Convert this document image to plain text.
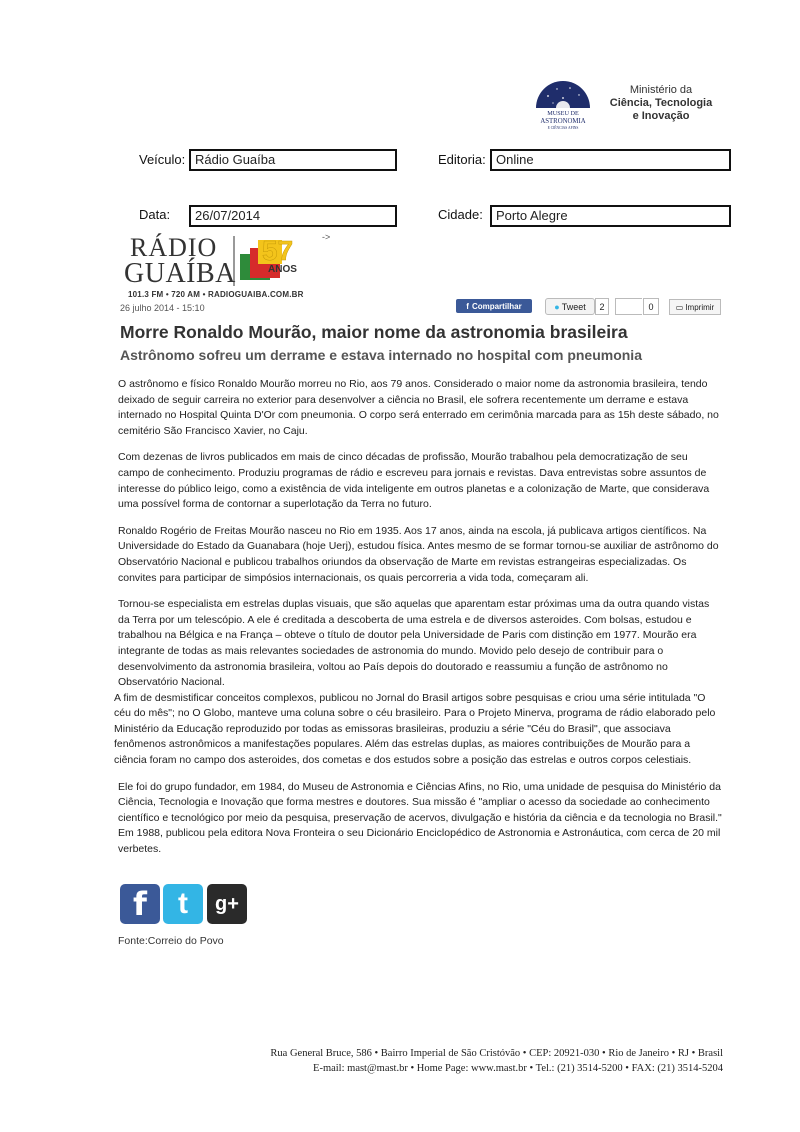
MUSEU DE
ASTRONOMIA
E CIÊNCIAS AFINS
Ministério da
Ciência, Tecnologia
e Inovação
Veículo: Rádio Guaíba	Editoria: Online
Data:	26/07/2014	Cidade:	Porto Alegre
RÁDIO
GUAÍBA
57
ANOS
->
101.3 FM • 720 AM • RADIOGUAIBA.COM.BR
26 julho 2014 - 15:10	f Compartilhar	● Tweet	2	0	▭ Imprimir
Morre Ronaldo Mourão, maior nome da astronomia brasileira
Astrônomo sofreu um derrame e estava internado no hospital com pneumonia

O astrônomo e físico Ronaldo Mourão morreu no Rio, aos 79 anos. Considerado o maior nome da astronomia brasileira, tendo deixado de seguir carreira no exterior para desenvolver a ciência no Brasil, ele sofrera recentemente um derrame e estava internado no Hospital Quinta D'Or com pneumonia. O corpo será enterrado em cerimônia marcada para as 15h deste sábado, no cemitério São Francisco Xavier, no Caju.

Com dezenas de livros publicados em mais de cinco décadas de profissão, Mourão trabalhou pela democratização de seu campo de conhecimento. Produziu programas de rádio e escreveu para jornais e revistas. Dava entrevistas sobre assuntos de interesse do público leigo, como a existência de vida inteligente em outros planetas e a colonização de Marte, que considerava uma possível forma de contornar a superlotação da Terra no futuro.

Ronaldo Rogério de Freitas Mourão nasceu no Rio em 1935. Aos 17 anos, ainda na escola, já publicava artigos científicos. Na Universidade do Estado da Guanabara (hoje Uerj), estudou física. Antes mesmo de se formar tornou-se auxiliar de astrônomo do Observatório Nacional e publicou trabalhos oriundos da observação de Marte em revistas estrangeiras especializadas. Os convites para participar de simpósios internacionais, os quais percorreria a vida toda, começaram ali.

Tornou-se especialista em estrelas duplas visuais, que são aquelas que aparentam estar próximas uma da outra quando vistas da Terra por um telescópio. A ele é creditada a descoberta de uma estrela e de diversos asteroides. Com bolsas, estudou e trabalhou na Bélgica e na França – obteve o título de doutor pela Universidade de Paris com distinção em 1977. Mourão era integrante de todas as mais relevantes sociedades de astronomia do mundo. Movido pelo desejo de contribuir para o desenvolvimento da astronomia brasileira, voltou ao País depois do doutorado e reassumiu a função de astrônomo no Observatório Nacional.

A fim de desmistificar conceitos complexos, publicou no Jornal do Brasil artigos sobre pesquisas e criou uma série intitulada "O céu do mês"; no O Globo, manteve uma coluna sobre o céu brasileiro. Para o Projeto Minerva, programa de rádio elaborado pelo Ministério da Educação reproduzido por todas as emissoras brasileiras, produziu a série "Céu do Brasil", que associava fenômenos astronômicos a manifestações populares. Além das estrelas duplas, as maiores contribuições de Mourão para a ciência foram no campo dos asteroides, dos cometas e dos estudos sobre a posição das estrelas e outros corpos celestiais.

Ele foi do grupo fundador, em 1984, do Museu de Astronomia e Ciências Afins, no Rio, uma unidade de pesquisa do Ministério da Ciência, Tecnologia e Inovação que forma mestres e doutores. Sua missão é "ampliar o acesso da sociedade ao conhecimento científico e tecnológico por meio da pesquisa, preservação de acervos, divulgação e história da ciência e da tecnologia no Brasil." Em 1988, publicou pela editora Nova Fronteira o seu Dicionário Enciclopédico de Astronomia e Astronáutica, com cerca de 20 mil verbetes.

f t g+
Fonte:Correio do Povo
Rua General Bruce, 586 • Bairro Imperial de São Cristóvão • CEP: 20921-030 • Rio de Janeiro • RJ • Brasil
E-mail: mast@mast.br • Home Page: www.mast.br • Tel.: (21) 3514-5200 • FAX: (21) 3514-5204
